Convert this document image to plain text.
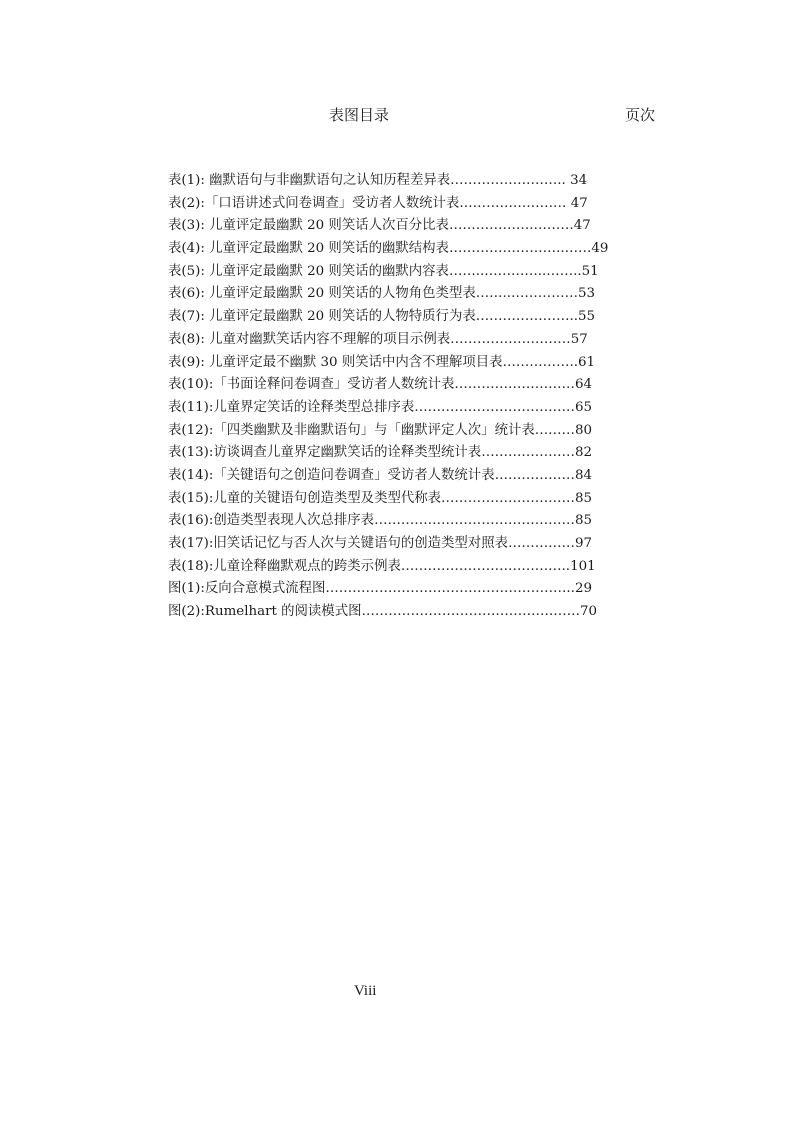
表图目录	页次
表(1): 幽默语句与非幽默语句之认知历程差异表…………………….. 34
表(2):「口语讲述式问卷调查」受访者人数统计表…………………… 47
表(3): 儿童评定最幽默 20 则笑话人次百分比表……………….………47
表(4): 儿童评定最幽默 20 则笑话的幽默结构表……………………..……49
表(5): 儿童评定最幽默 20 则笑话的幽默内容表……..…………..……..51
表(6): 儿童评定最幽默 20 则笑话的人物角色类型表……..……………53
表(7): 儿童评定最幽默 20 则笑话的人物特质行为表…………………..55
表(8): 儿童对幽默笑话内容不理解的项目示例表………………………57
表(9): 儿童评定最不幽默 30 则笑话中内含不理解项目表……………..61
表(10):「书面诠释问卷调查」受访者人数统计表………………………64
表(11):儿童界定笑话的诠释类型总排序表………………………………65
表(12):「四类幽默及非幽默语句」与「幽默评定人次」统计表………80
表(13):访谈调查儿童界定幽默笑话的诠释类型统计表…………………82
表(14):「关键语句之创造问卷调查」受访者人数统计表………………84
表(15):儿童的关键语句创造类型及类型代称表…………………………85
表(16):创造类型表现人次总排序表………………………………………85
表(17):旧笑话记忆与否人次与关键语句的创造类型对照表……………97
表(18):儿童诠释幽默观点的跨类示例表………………………………..101
图(1):反向合意模式流程图………………………………………………..29
图(2):Rumelhart 的阅读模式图…………………………………….……70
Viii
